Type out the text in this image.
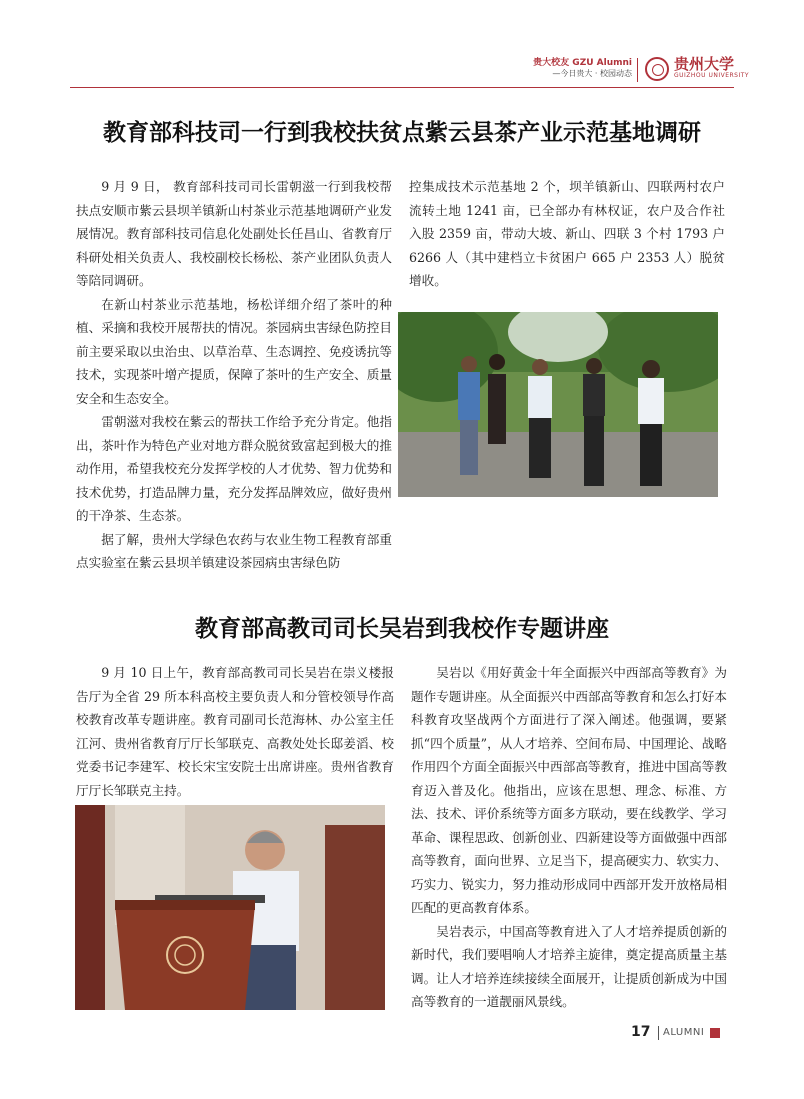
贵大校友 GZU Alumni
—今日贵大 · 校园动态
贵州大学
GUIZHOU UNIVERSITY
教育部科技司一行到我校扶贫点紫云县茶产业示范基地调研

9 月 9 日， 教育部科技司司长雷朝滋一行到我校帮扶点安顺市紫云县坝羊镇新山村茶业示范基地调研产业发展情况。教育部科技司信息化处副处长任昌山、省教育厅科研处相关负责人、我校副校长杨松、茶产业团队负责人等陪同调研。

在新山村茶业示范基地，杨松详细介绍了茶叶的种植、采摘和我校开展帮扶的情况。茶园病虫害绿色防控目前主要采取以虫治虫、以草治草、生态调控、免疫诱抗等技术，实现茶叶增产提质，保障了茶叶的生产安全、质量安全和生态安全。

雷朝滋对我校在紫云的帮扶工作给予充分肯定。他指出，茶叶作为特色产业对地方群众脱贫致富起到极大的推动作用，希望我校充分发挥学校的人才优势、智力优势和技术优势，打造品牌力量，充分发挥品牌效应，做好贵州的干净茶、生态茶。

据了解，贵州大学绿色农药与农业生物工程教育部重点实验室在紫云县坝羊镇建设茶园病虫害绿色防

控集成技术示范基地 2 个，坝羊镇新山、四联两村农户流转土地 1241 亩，已全部办有林权证，农户及合作社入股 2359 亩，带动大坡、新山、四联 3 个村 1793 户 6266 人（其中建档立卡贫困户 665 户 2353 人）脱贫增收。

教育部高教司司长吴岩到我校作专题讲座

9 月 10 日上午，教育部高教司司长吴岩在崇义楼报告厅为全省 29 所本科高校主要负责人和分管校领导作高校教育改革专题讲座。教育司副司长范海林、办公室主任江河、贵州省教育厅厅长邹联克、高教处处长邸姜滔、校党委书记李建军、校长宋宝安院士出席讲座。贵州省教育厅厅长邹联克主持。

吴岩以《用好黄金十年全面振兴中西部高等教育》为题作专题讲座。从全面振兴中西部高等教育和怎么打好本科教育攻坚战两个方面进行了深入阐述。他强调，要紧抓“四个质量”，从人才培养、空间布局、中国理论、战略作用四个方面全面振兴中西部高等教育，推进中国高等教育迈入普及化。他指出，应该在思想、理念、标准、方法、技术、评价系统等方面多方联动，要在线教学、学习革命、课程思政、创新创业、四新建设等方面做强中西部高等教育，面向世界、立足当下，提高硬实力、软实力、巧实力、锐实力，努力推动形成同中西部开发开放格局相匹配的更高教育体系。

吴岩表示，中国高等教育进入了人才培养提质创新的新时代，我们要唱响人才培养主旋律，奠定提高质量主基调。让人才培养连续接续全面展开，让提质创新成为中国高等教育的一道靓丽风景线。

17 ALUMNI
